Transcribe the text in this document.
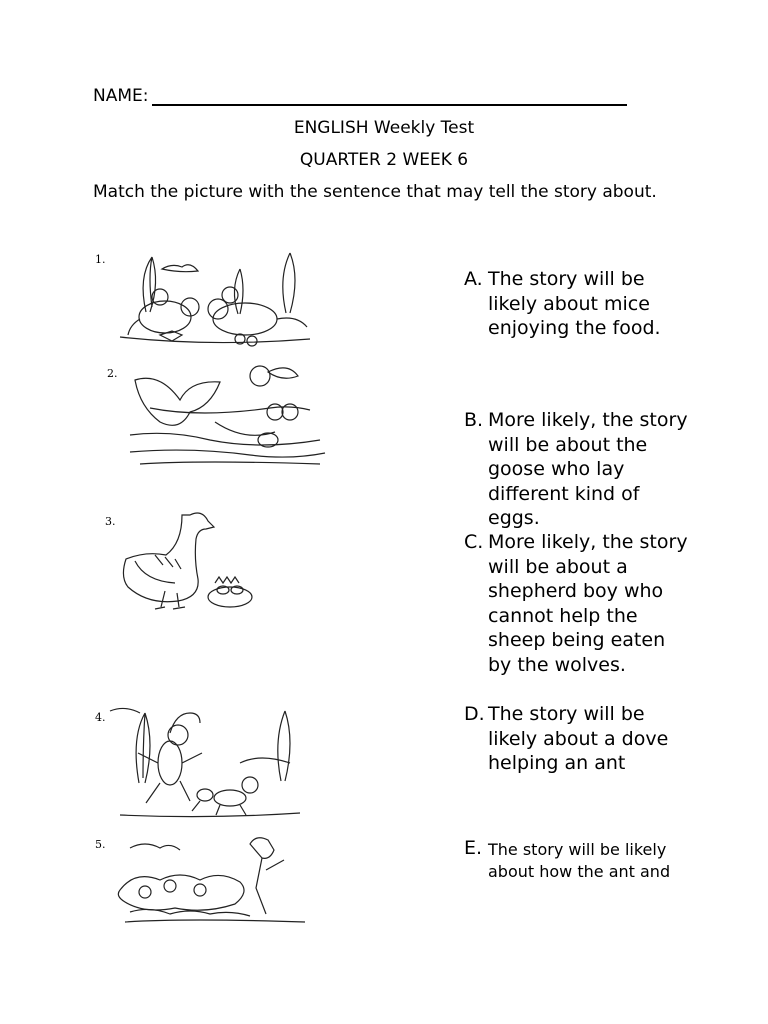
NAME:
ENGLISH Weekly Test
QUARTER 2 WEEK 6
Match the picture with the sentence that may tell the story about.
1.
2.
3.
4.
5.
A. The story will be likely about mice enjoying the food.
B. More likely, the story will be about the goose who lay different kind of eggs.
C. More likely, the story will be about a shepherd boy who cannot help the sheep being eaten by the wolves.
D. The story will be likely about a dove helping an ant
E. The story will be likely about how the ant and
